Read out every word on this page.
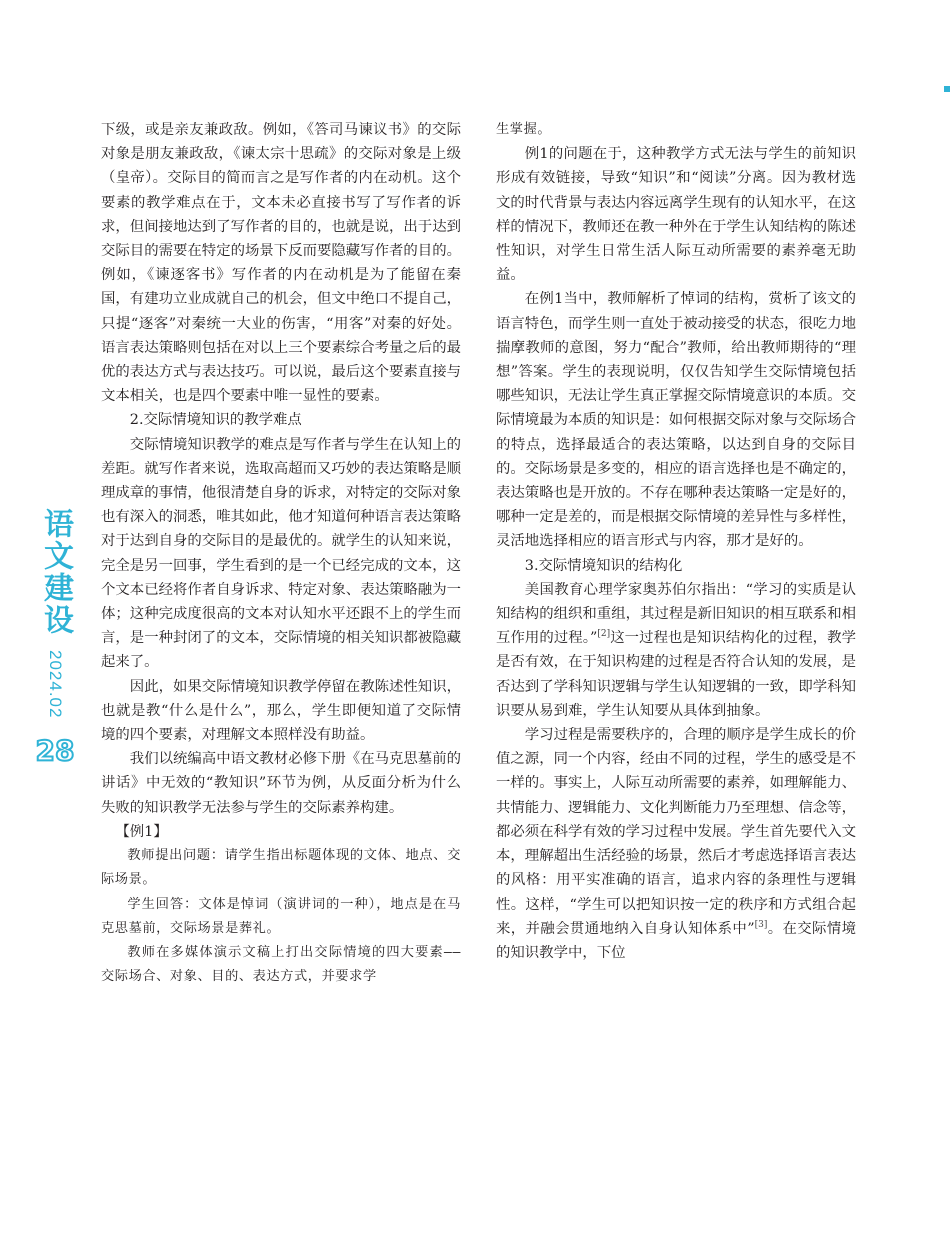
语文建设
2024.02
28

下级，或是亲友兼政敌。例如，《答司马谏议书》的交际对象是朋友兼政敌，《谏太宗十思疏》的交际对象是上级（皇帝）。交际目的简而言之是写作者的内在动机。这个要素的教学难点在于，文本未必直接书写了写作者的诉求，但间接地达到了写作者的目的，也就是说，出于达到交际目的需要在特定的场景下反而要隐藏写作者的目的。例如，《谏逐客书》写作者的内在动机是为了能留在秦国，有建功立业成就自己的机会，但文中绝口不提自己，只提“逐客”对秦统一大业的伤害，“用客”对秦的好处。语言表达策略则包括在对以上三个要素综合考量之后的最优的表达方式与表达技巧。可以说，最后这个要素直接与文本相关，也是四个要素中唯一显性的要素。

2.交际情境知识的教学难点

交际情境知识教学的难点是写作者与学生在认知上的差距。就写作者来说，选取高超而又巧妙的表达策略是顺理成章的事情，他很清楚自身的诉求，对特定的交际对象也有深入的洞悉，唯其如此，他才知道何种语言表达策略对于达到自身的交际目的是最优的。就学生的认知来说，完全是另一回事，学生看到的是一个已经完成的文本，这个文本已经将作者自身诉求、特定对象、表达策略融为一体；这种完成度很高的文本对认知水平还跟不上的学生而言，是一种封闭了的文本，交际情境的相关知识都被隐藏起来了。

因此，如果交际情境知识教学停留在教陈述性知识，也就是教“什么是什么”，那么，学生即便知道了交际情境的四个要素，对理解文本照样没有助益。

我们以统编高中语文教材必修下册《在马克思墓前的讲话》中无效的“教知识”环节为例，从反面分析为什么失败的知识教学无法参与学生的交际素养构建。

【例1】

教师提出问题：请学生指出标题体现的文体、地点、交际场景。

学生回答：文体是悼词（演讲词的一种），地点是在马克思墓前，交际场景是葬礼。

教师在多媒体演示文稿上打出交际情境的四大要素——交际场合、对象、目的、表达方式，并要求学

生掌握。

例1的问题在于，这种教学方式无法与学生的前知识形成有效链接，导致“知识”和“阅读”分离。因为教材选文的时代背景与表达内容远离学生现有的认知水平，在这样的情况下，教师还在教一种外在于学生认知结构的陈述性知识，对学生日常生活人际互动所需要的素养毫无助益。

在例1当中，教师解析了悼词的结构，赏析了该文的语言特色，而学生则一直处于被动接受的状态，很吃力地揣摩教师的意图，努力“配合”教师，给出教师期待的“理想”答案。学生的表现说明，仅仅告知学生交际情境包括哪些知识，无法让学生真正掌握交际情境意识的本质。交际情境最为本质的知识是：如何根据交际对象与交际场合的特点，选择最适合的表达策略，以达到自身的交际目的。交际场景是多变的，相应的语言选择也是不确定的，表达策略也是开放的。不存在哪种表达策略一定是好的，哪种一定是差的，而是根据交际情境的差异性与多样性，灵活地选择相应的语言形式与内容，那才是好的。

3.交际情境知识的结构化

美国教育心理学家奥苏伯尔指出：“学习的实质是认知结构的组织和重组，其过程是新旧知识的相互联系和相互作用的过程。”[2]这一过程也是知识结构化的过程，教学是否有效，在于知识构建的过程是否符合认知的发展，是否达到了学科知识逻辑与学生认知逻辑的一致，即学科知识要从易到难，学生认知要从具体到抽象。

学习过程是需要秩序的，合理的顺序是学生成长的价值之源，同一个内容，经由不同的过程，学生的感受是不一样的。事实上，人际互动所需要的素养，如理解能力、共情能力、逻辑能力、文化判断能力乃至理想、信念等，都必须在科学有效的学习过程中发展。学生首先要代入文本，理解超出生活经验的场景，然后才考虑选择语言表达的风格：用平实准确的语言，追求内容的条理性与逻辑性。这样，“学生可以把知识按一定的秩序和方式组合起来，并融会贯通地纳入自身认知体系中”[3]。在交际情境的知识教学中，下位
